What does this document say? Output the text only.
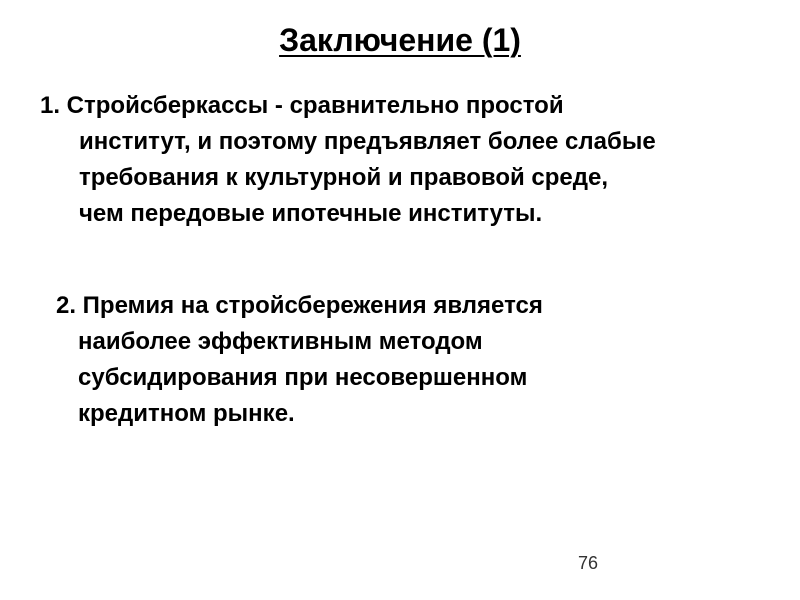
Заключение (1)
1. Стройсберкассы - сравнительно простой
институт, и поэтому предъявляет более слабые
требования к культурной и правовой среде,
чем передовые ипотечные институты.
2. Премия на стройсбережения является
наиболее эффективным методом
субсидирования при несовершенном
кредитном рынке.
76
